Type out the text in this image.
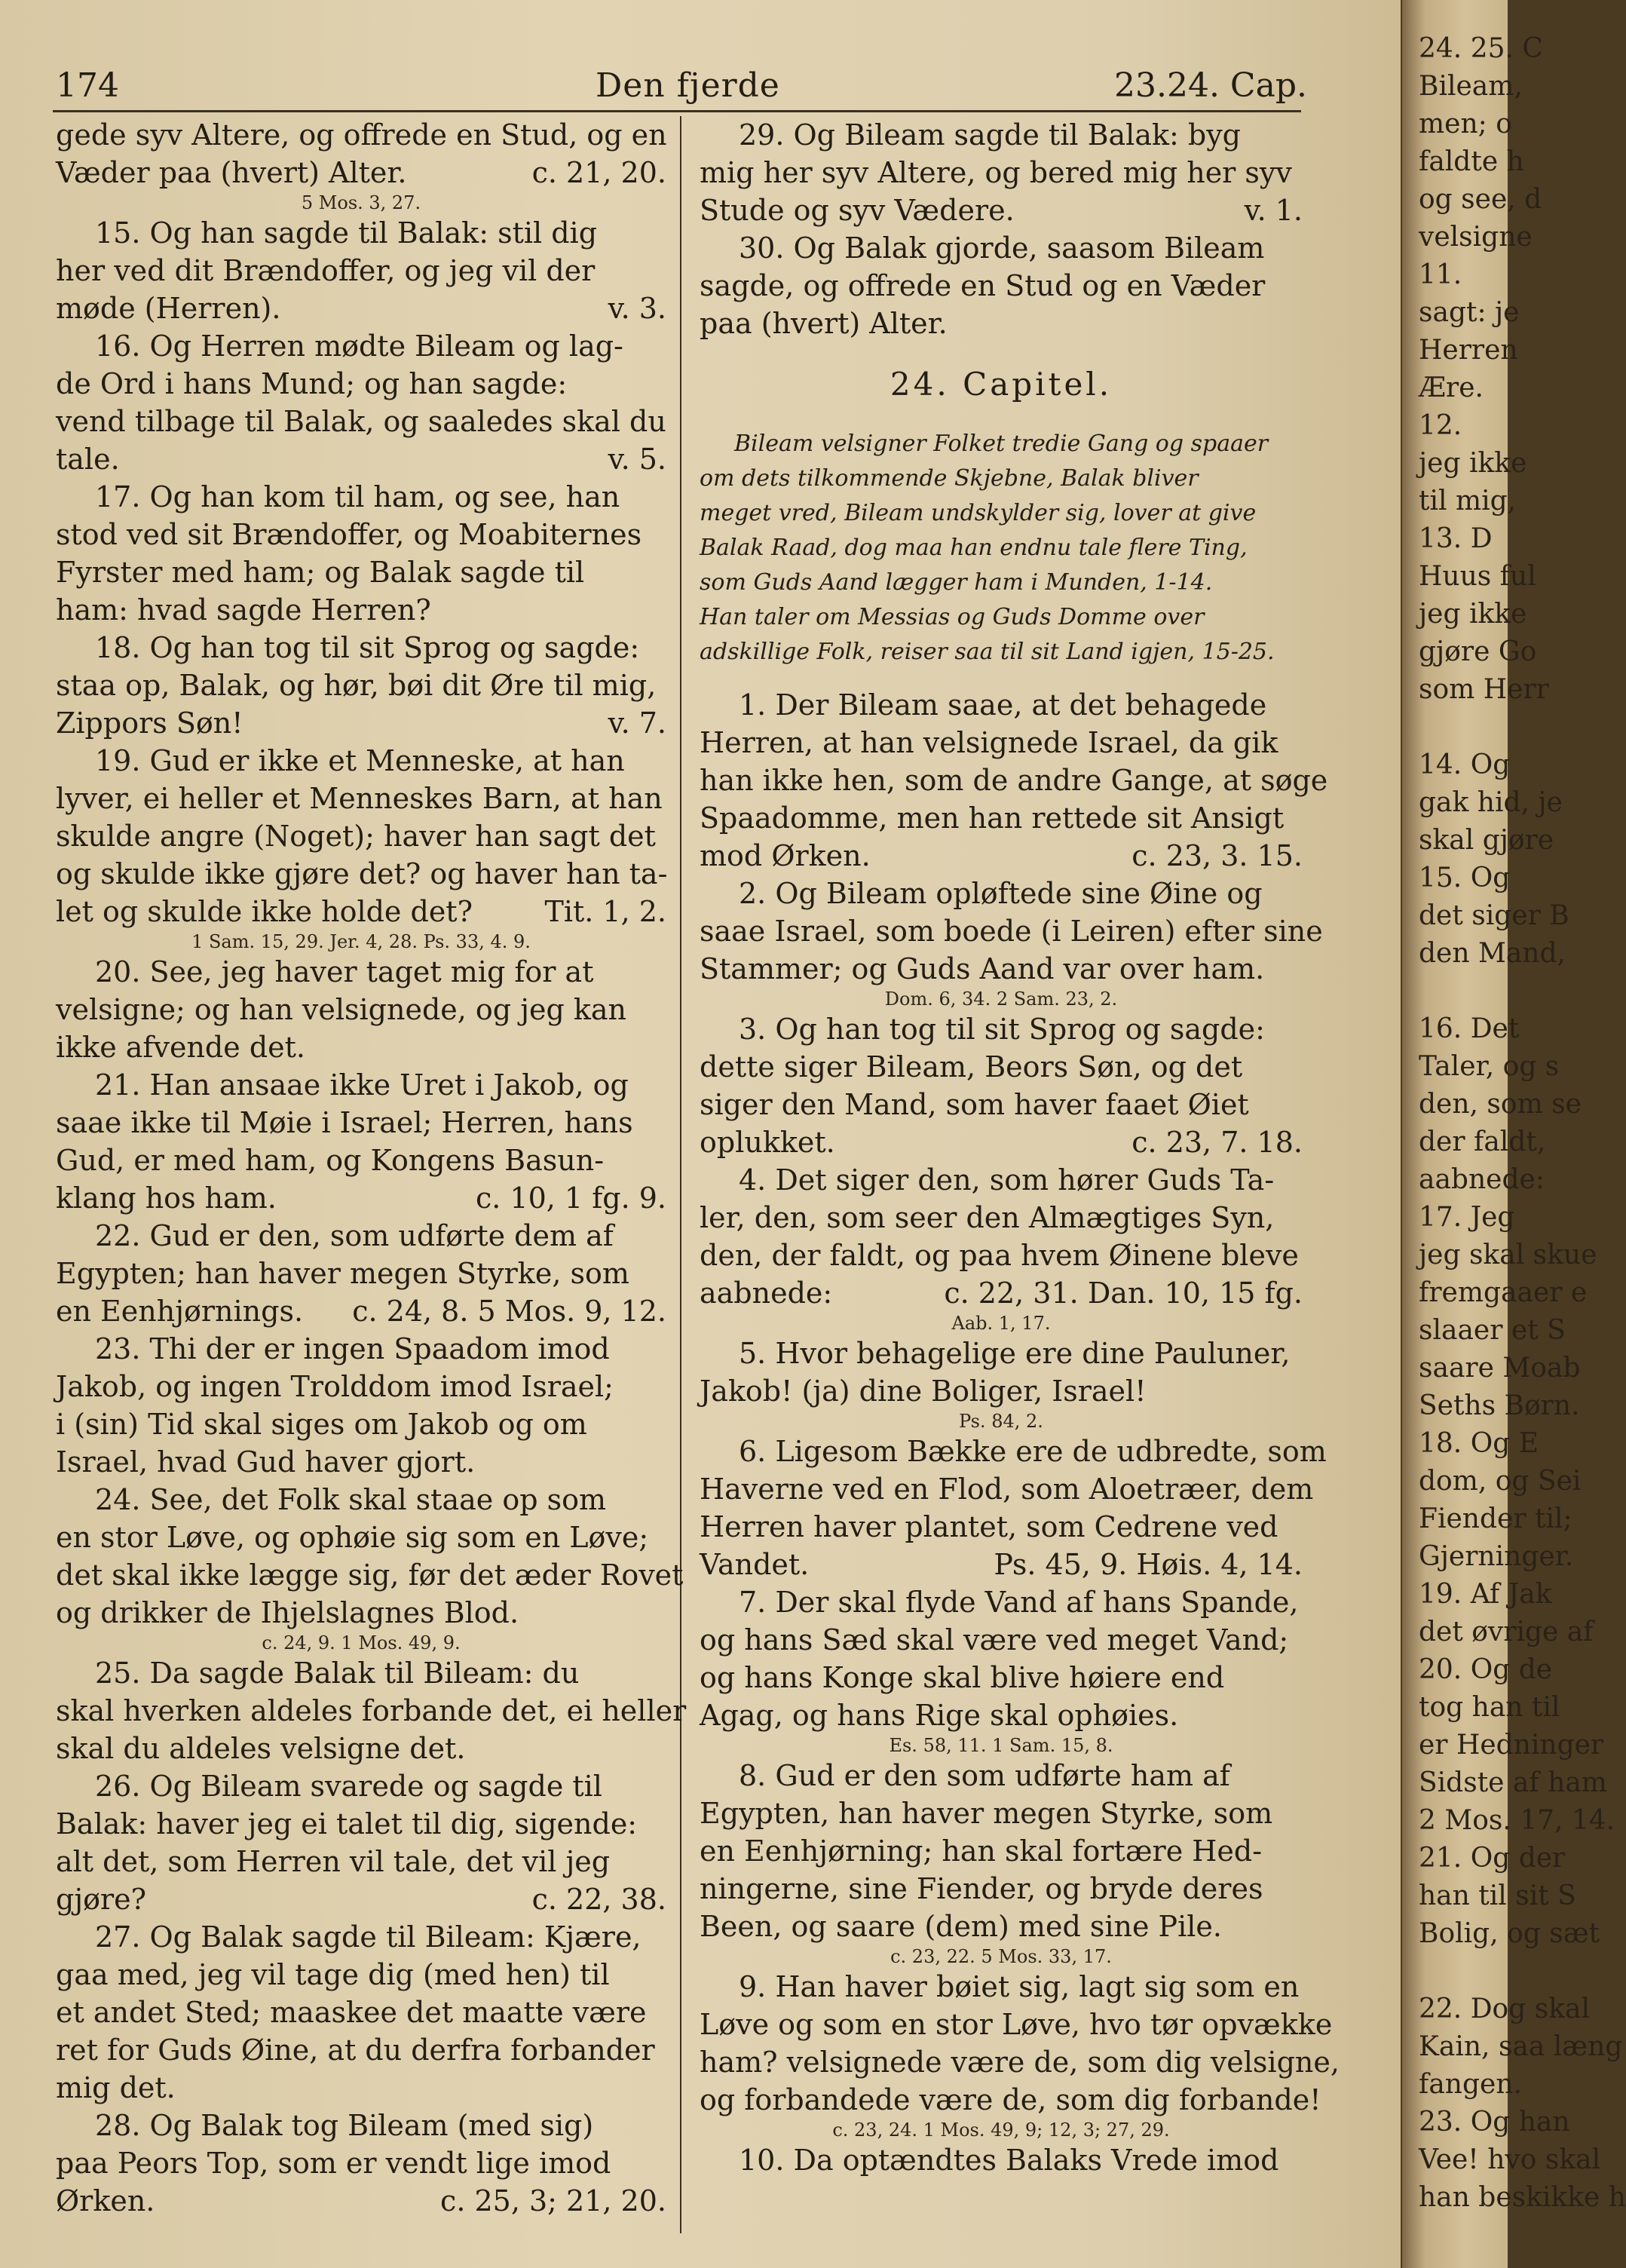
174	Den fjerde	23.24. Cap.
gede syv Altere, og offrede en Stud, og en
Væder paa (hvert) Alter.	c. 21, 20.
5 Mos. 3, 27.
15. Og han sagde til Balak: stil dig
her ved dit Brændoffer, og jeg vil der
møde (Herren).	v. 3.
16. Og Herren mødte Bileam og lag-
de Ord i hans Mund; og han sagde:
vend tilbage til Balak, og saaledes skal du
tale.	v. 5.
17. Og han kom til ham, og see, han
stod ved sit Brændoffer, og Moabiternes
Fyrster med ham; og Balak sagde til
ham: hvad sagde Herren?
18. Og han tog til sit Sprog og sagde:
staa op, Balak, og hør, bøi dit Øre til mig,
Zippors Søn!	v. 7.
19. Gud er ikke et Menneske, at han
lyver, ei heller et Menneskes Barn, at han
skulde angre (Noget); haver han sagt det
og skulde ikke gjøre det? og haver han ta-
let og skulde ikke holde det?	Tit. 1, 2.
1 Sam. 15, 29. Jer. 4, 28. Ps. 33, 4. 9.
20. See, jeg haver taget mig for at
velsigne; og han velsignede, og jeg kan
ikke afvende det.
21. Han ansaae ikke Uret i Jakob, og
saae ikke til Møie i Israel; Herren, hans
Gud, er med ham, og Kongens Basun-
klang hos ham.	c. 10, 1 fg. 9.
22. Gud er den, som udførte dem af
Egypten; han haver megen Styrke, som
en Eenhjørnings.	c. 24, 8. 5 Mos. 9, 12.
23. Thi der er ingen Spaadom imod
Jakob, og ingen Trolddom imod Israel;
i (sin) Tid skal siges om Jakob og om
Israel, hvad Gud haver gjort.
24. See, det Folk skal staae op som
en stor Løve, og ophøie sig som en Løve;
det skal ikke lægge sig, før det æder Rovet
og drikker de Ihjelslagnes Blod.
c. 24, 9. 1 Mos. 49, 9.
25. Da sagde Balak til Bileam: du
skal hverken aldeles forbande det, ei heller
skal du aldeles velsigne det.
26. Og Bileam svarede og sagde til
Balak: haver jeg ei talet til dig, sigende:
alt det, som Herren vil tale, det vil jeg
gjøre?	c. 22, 38.
27. Og Balak sagde til Bileam: Kjære,
gaa med, jeg vil tage dig (med hen) til
et andet Sted; maaskee det maatte være
ret for Guds Øine, at du derfra forbander
mig det.
28. Og Balak tog Bileam (med sig)
paa Peors Top, som er vendt lige imod
Ørken.	c. 25, 3; 21, 20.
29. Og Bileam sagde til Balak: byg
mig her syv Altere, og bered mig her syv
Stude og syv Vædere.	v. 1.
30. Og Balak gjorde, saasom Bileam
sagde, og offrede en Stud og en Væder
paa (hvert) Alter.
24. Capitel.
Bileam velsigner Folket tredie Gang og spaaer
om dets tilkommende Skjebne, Balak bliver
meget vred, Bileam undskylder sig, lover at give
Balak Raad, dog maa han endnu tale flere Ting,
som Guds Aand lægger ham i Munden, 1-14.
Han taler om Messias og Guds Domme over
adskillige Folk, reiser saa til sit Land igjen, 15-25.
1. Der Bileam saae, at det behagede
Herren, at han velsignede Israel, da gik
han ikke hen, som de andre Gange, at søge
Spaadomme, men han rettede sit Ansigt
mod Ørken.	c. 23, 3. 15.
2. Og Bileam opløftede sine Øine og
saae Israel, som boede (i Leiren) efter sine
Stammer; og Guds Aand var over ham.
Dom. 6, 34. 2 Sam. 23, 2.
3. Og han tog til sit Sprog og sagde:
dette siger Bileam, Beors Søn, og det
siger den Mand, som haver faaet Øiet
oplukket.	c. 23, 7. 18.
4. Det siger den, som hører Guds Ta-
ler, den, som seer den Almægtiges Syn,
den, der faldt, og paa hvem Øinene bleve
aabnede:	c. 22, 31. Dan. 10, 15 fg.
Aab. 1, 17.
5. Hvor behagelige ere dine Pauluner,
Jakob! (ja) dine Boliger, Israel!
Ps. 84, 2.
6. Ligesom Bække ere de udbredte, som
Haverne ved en Flod, som Aloetræer, dem
Herren haver plantet, som Cedrene ved
Vandet.	Ps. 45, 9. Høis. 4, 14.
7. Der skal flyde Vand af hans Spande,
og hans Sæd skal være ved meget Vand;
og hans Konge skal blive høiere end
Agag, og hans Rige skal ophøies.
Es. 58, 11. 1 Sam. 15, 8.
8. Gud er den som udførte ham af
Egypten, han haver megen Styrke, som
en Eenhjørning; han skal fortære Hed-
ningerne, sine Fiender, og bryde deres
Been, og saare (dem) med sine Pile.
c. 23, 22. 5 Mos. 33, 17.
9. Han haver bøiet sig, lagt sig som en
Løve og som en stor Løve, hvo tør opvække
ham? velsignede være de, som dig velsigne,
og forbandede være de, som dig forbande!
c. 23, 24. 1 Mos. 49, 9; 12, 3; 27, 29.
10. Da optændtes Balaks Vrede imod
24. 25. C
Bileam,
men; o
faldte h
og see, d
velsigne
11.
sagt: je
Herren
Ære.
12.
jeg ikke
til mig,
13. D
Huus ful
jeg ikke
gjøre Go
som Herr
14. Og
gak hid, je
skal gjøre
15. Og
det siger B
den Mand,
16. Det
Taler, og s
den, som se
der faldt,
aabnede:
17. Jeg
jeg skal skue
fremgaaer e
slaaer et S
saare Moab
Seths Børn.
18. Og E
dom, og Sei
Fiender til;
Gjerninger.
19. Af Jak
det øvrige af
20. Og de
tog han til
er Hedninger
Sidste af ham
2 Mos. 17, 14.
21. Og der
han til sit S
Bolig, og sæt
22. Dog skal
Kain, saa læng
fangen.
23. Og han
Vee! hvo skal
han beskikke h
